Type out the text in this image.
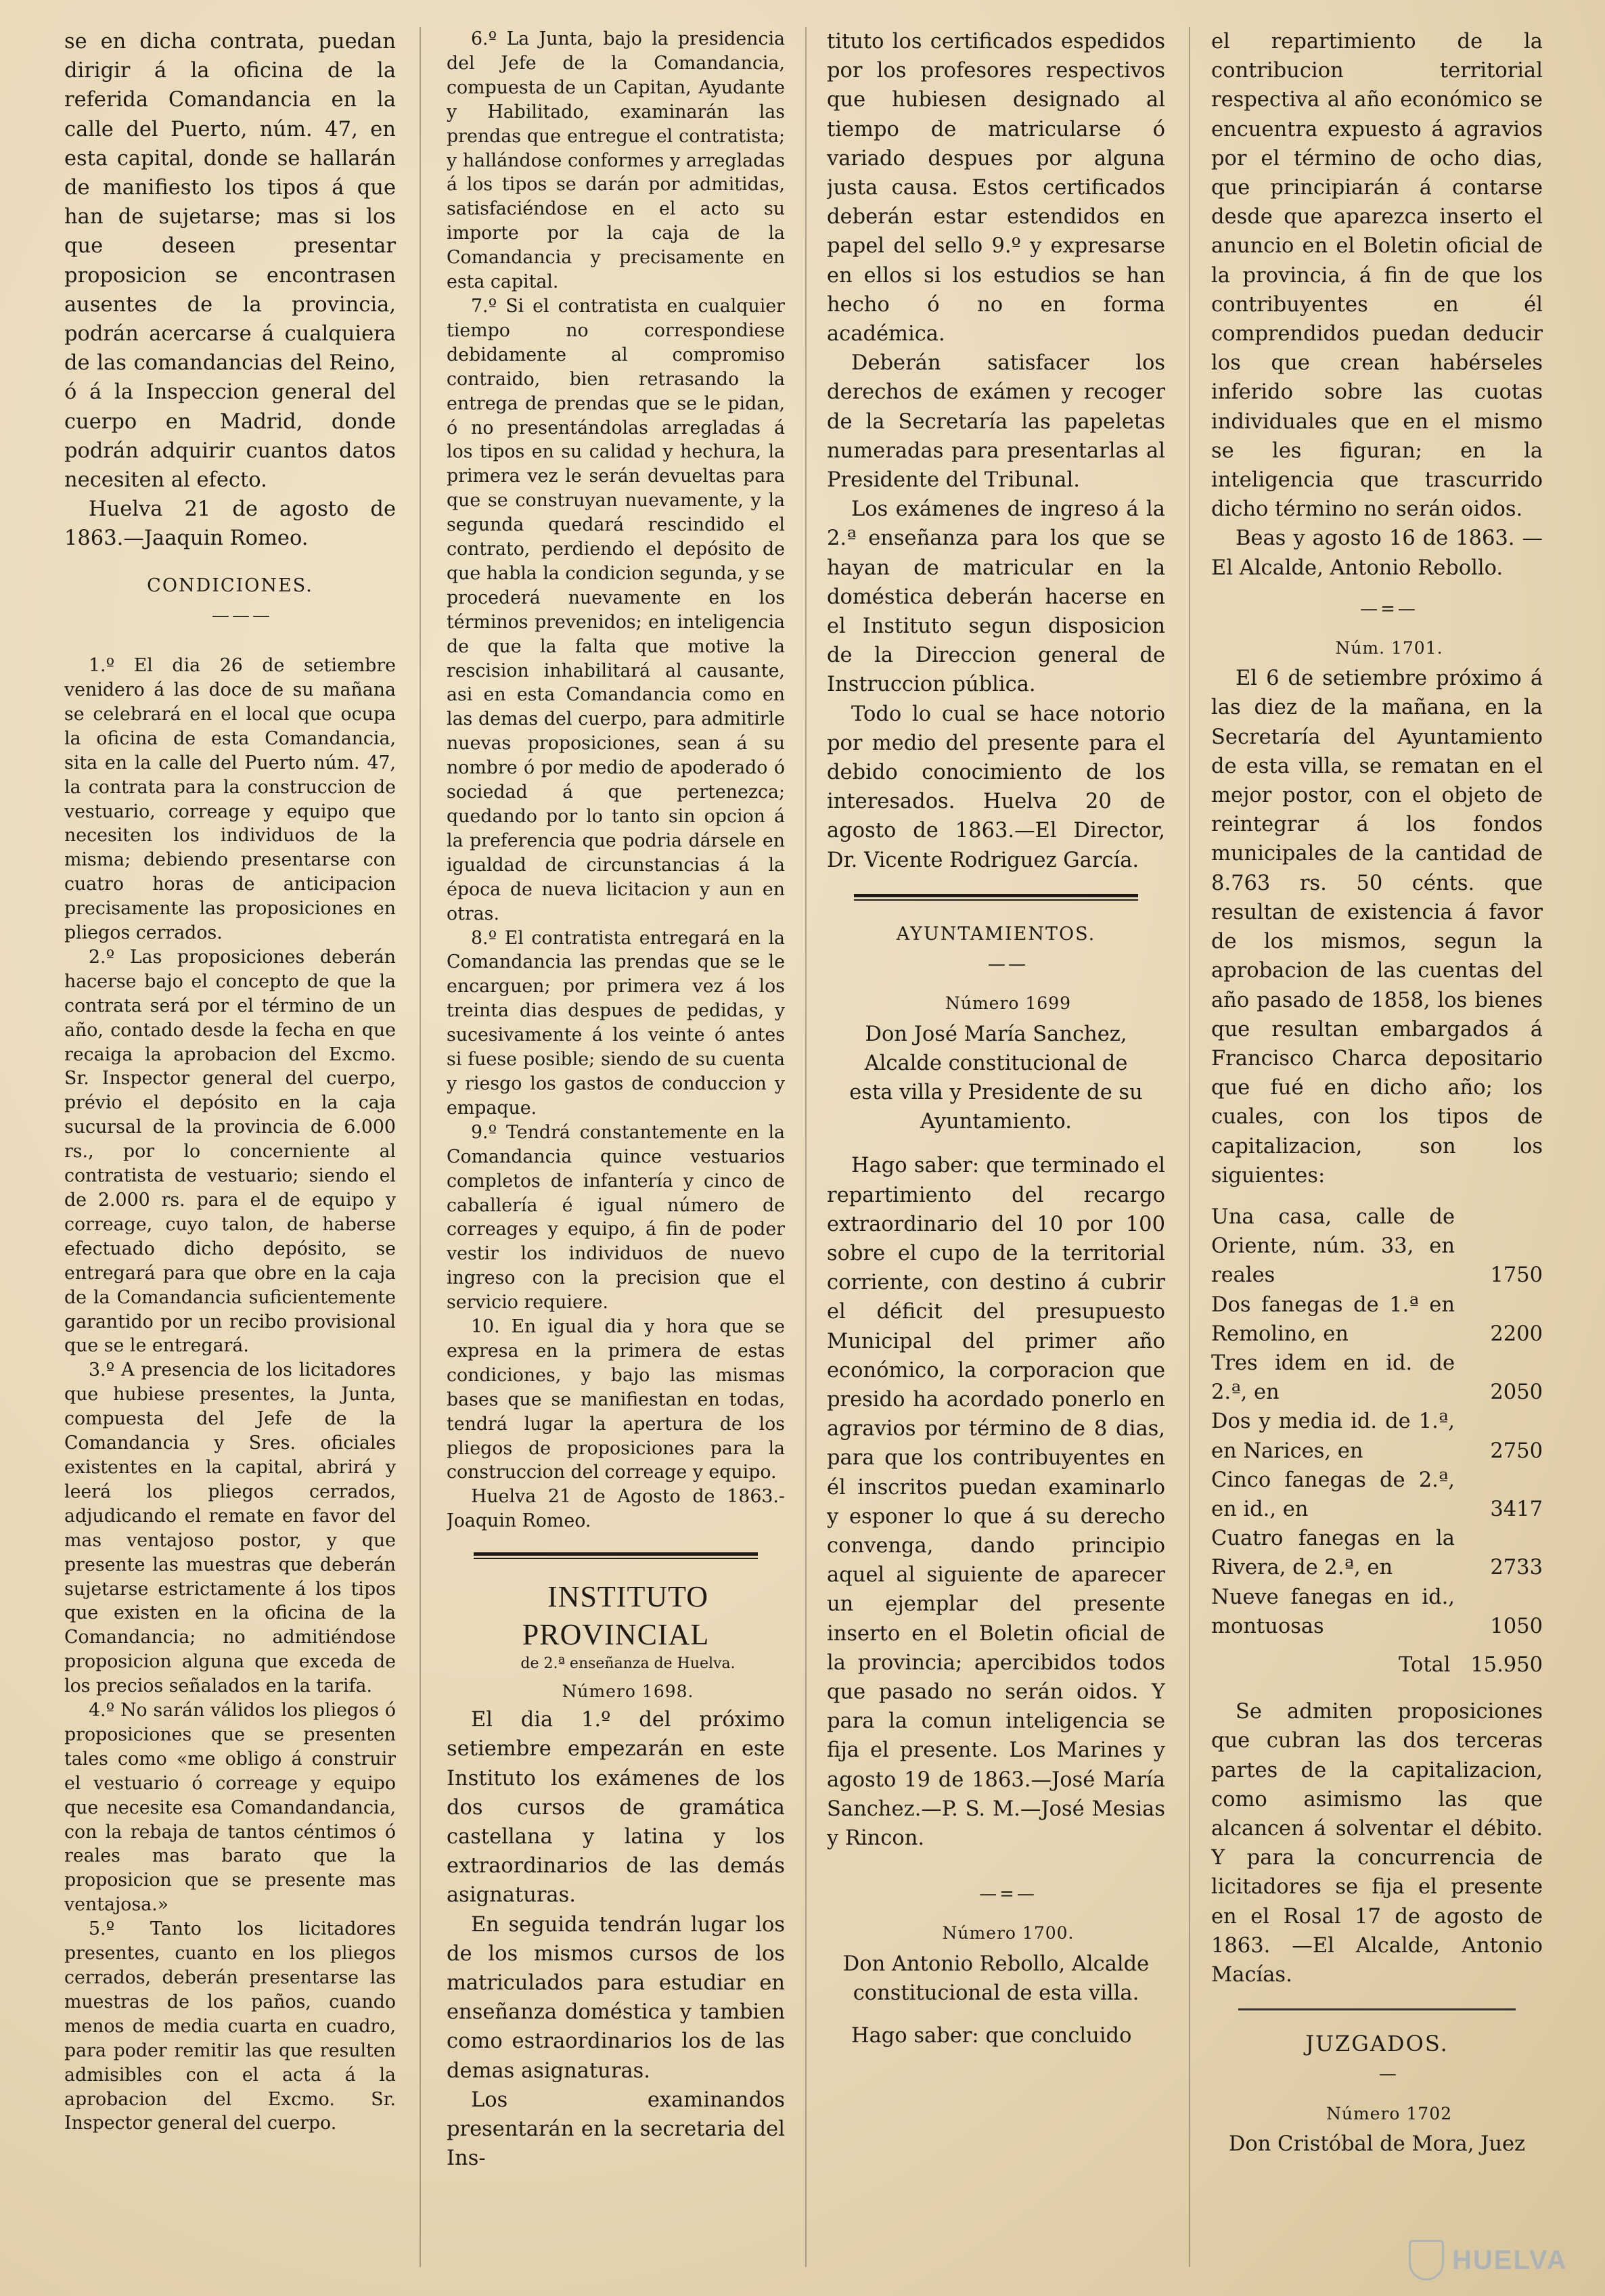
se en dicha contrata, puedan dirigir á la oficina de la referida Comandancia en la calle del Puerto, núm. 47, en esta capital, donde se hallarán de manifiesto los tipos á que han de sujetarse; mas si los que deseen presentar proposicion se encontrasen ausentes de la provincia, podrán acercarse á cualquiera de las comandancias del Reino, ó á la Inspeccion general del cuerpo en Madrid, donde podrán adquirir cuantos datos necesiten al efecto.

Huelva 21 de agosto de 1863.—Jaaquin Romeo.

CONDICIONES.

———

1.º El dia 26 de setiembre venidero á las doce de su mañana se celebrará en el local que ocupa la oficina de esta Comandancia, sita en la calle del Puerto núm. 47, la contrata para la construccion de vestuario, correage y equipo que necesiten los individuos de la misma; debiendo presentarse con cuatro horas de anticipacion precisamente las proposiciones en pliegos cerrados.

2.º Las proposiciones deberán hacerse bajo el concepto de que la contrata será por el término de un año, contado desde la fecha en que recaiga la aprobacion del Excmo. Sr. Inspector general del cuerpo, prévio el depósito en la caja sucursal de la provincia de 6.000 rs., por lo concerniente al contratista de vestuario; siendo el de 2.000 rs. para el de equipo y correage, cuyo talon, de haberse efectuado dicho depósito, se entregará para que obre en la caja de la Comandancia suficientemente garantido por un recibo provisional que se le entregará.

3.º A presencia de los licitadores que hubiese presentes, la Junta, compuesta del Jefe de la Comandancia y Sres. oficiales existentes en la capital, abrirá y leerá los pliegos cerrados, adjudicando el remate en favor del mas ventajoso postor, y que presente las muestras que deberán sujetarse estrictamente á los tipos que existen en la oficina de la Comandancia; no admitiéndose proposicion alguna que exceda de los precios señalados en la tarifa.

4.º No sarán válidos los pliegos ó proposiciones que se presenten tales como «me obligo á construir el vestuario ó correage y equipo que necesite esa Comandandancia, con la rebaja de tantos céntimos ó reales mas barato que la proposicion que se presente mas ventajosa.»

5.º Tanto los licitadores presentes, cuanto en los pliegos cerrados, deberán presentarse las muestras de los paños, cuando menos de media cuarta en cuadro, para poder remitir las que resulten admisibles con el acta á la aprobacion del Excmo. Sr. Inspector general del cuerpo.

6.º La Junta, bajo la presidencia del Jefe de la Comandancia, compuesta de un Capitan, Ayudante y Habilitado, examinarán las prendas que entregue el contratista; y hallándose conformes y arregladas á los tipos se darán por admitidas, satisfaciéndose en el acto su importe por la caja de la Comandancia y precisamente en esta capital.

7.º Si el contratista en cualquier tiempo no correspondiese debidamente al compromiso contraido, bien retrasando la entrega de prendas que se le pidan, ó no presentándolas arregladas á los tipos en su calidad y hechura, la primera vez le serán devueltas para que se construyan nuevamente, y la segunda quedará rescindido el contrato, perdiendo el depósito de que habla la condicion segunda, y se procederá nuevamente en los términos prevenidos; en inteligencia de que la falta que motive la rescision inhabilitará al causante, asi en esta Comandancia como en las demas del cuerpo, para admitirle nuevas proposiciones, sean á su nombre ó por medio de apoderado ó sociedad á que pertenezca; quedando por lo tanto sin opcion á la preferencia que podria dársele en igualdad de circunstancias á la época de nueva licitacion y aun en otras.

8.º El contratista entregará en la Comandancia las prendas que se le encarguen; por primera vez á los treinta dias despues de pedidas, y sucesivamente á los veinte ó antes si fuese posible; siendo de su cuenta y riesgo los gastos de conduccion y empaque.

9.º Tendrá constantemente en la Comandancia quince vestuarios completos de infantería y cinco de caballería é igual número de correages y equipo, á fin de poder vestir los individuos de nuevo ingreso con la precision que el servicio requiere.

10. En igual dia y hora que se expresa en la primera de estas condiciones, y bajo las mismas bases que se manifiestan en todas, tendrá lugar la apertura de los pliegos de proposiciones para la construccion del correage y equipo.

Huelva 21 de Agosto de 1863.-Joaquin Romeo.

INSTITUTO PROVINCIAL

de 2.ª enseñanza de Huelva.

Número 1698.

El dia 1.º del próximo setiembre empezarán en este Instituto los exámenes de los dos cursos de gramática castellana y latina y los extraordinarios de las demás asignaturas.

En seguida tendrán lugar los de los mismos cursos de los matriculados para estudiar en enseñanza doméstica y tambien como estraordinarios los de las demas asignaturas.

Los examinandos presentarán en la secretaria del Ins-

tituto los certificados espedidos por los profesores respectivos que hubiesen designado al tiempo de matricularse ó variado despues por alguna justa causa. Estos certificados deberán estar estendidos en papel del sello 9.º y expresarse en ellos si los estudios se han hecho ó no en forma académica.

Deberán satisfacer los derechos de exámen y recoger de la Secretaría las papeletas numeradas para presentarlas al Presidente del Tribunal.

Los exámenes de ingreso á la 2.ª enseñanza para los que se hayan de matricular en la doméstica deberán hacerse en el Instituto segun disposicion de la Direccion general de Instruccion pública.

Todo lo cual se hace notorio por medio del presente para el debido conocimiento de los interesados. Huelva 20 de agosto de 1863.—El Director, Dr. Vicente Rodriguez García.

AYUNTAMIENTOS.

——

Número 1699

Don José María Sanchez, Alcalde constitucional de esta villa y Presidente de su Ayuntamiento.

Hago saber: que terminado el repartimiento del recargo extraordinario del 10 por 100 sobre el cupo de la territorial corriente, con destino á cubrir el déficit del presupuesto Municipal del primer año económico, la corporacion que presido ha acordado ponerlo en agravios por término de 8 dias, para que los contribuyentes en él inscritos puedan examinarlo y esponer lo que á su derecho convenga, dando principio aquel al siguiente de aparecer un ejemplar del presente inserto en el Boletin oficial de la provincia; apercibidos todos que pasado no serán oidos. Y para la comun inteligencia se fija el presente. Los Marines y agosto 19 de 1863.—José María Sanchez.—P. S. M.—José Mesias y Rincon.

—=—

Número 1700.

Don Antonio Rebollo, Alcalde constitucional de esta villa.

Hago saber: que concluido

el repartimiento de la contribucion territorial respectiva al año económico se encuentra expuesto á agravios por el término de ocho dias, que principiarán á contarse desde que aparezca inserto el anuncio en el Boletin oficial de la provincia, á fin de que los contribuyentes en él comprendidos puedan deducir los que crean habérseles inferido sobre las cuotas individuales que en el mismo se les figuran; en la inteligencia que trascurrido dicho término no serán oidos.

Beas y agosto 16 de 1863. —El Alcalde, Antonio Rebollo.

—=—

Núm. 1701.

El 6 de setiembre próximo á las diez de la mañana, en la Secretaría del Ayuntamiento de esta villa, se rematan en el mejor postor, con el objeto de reintegrar á los fondos municipales de la cantidad de 8.763 rs. 50 cénts. que resultan de existencia á favor de los mismos, segun la aprobacion de las cuentas del año pasado de 1858, los bienes que resultan embargados á Francisco Charca depositario que fué en dicho año; los cuales, con los tipos de capitalizacion, son los siguientes:

Una casa, calle de Oriente, núm. 33, en reales	1750
Dos fanegas de 1.ª en Remolino, en	2200
Tres idem en id. de 2.ª, en	2050
Dos y media id. de 1.ª, en Narices, en	2750
Cinco fanegas de 2.ª, en id., en	3417
Cuatro fanegas en la Rivera, de 2.ª, en	2733
Nueve fanegas en id., montuosas	1050
Total 15.950

Se admiten proposiciones que cubran las dos terceras partes de la capitalizacion, como asimismo las que alcancen á solventar el débito. Y para la concurrencia de licitadores se fija el presente en el Rosal 17 de agosto de 1863. —El Alcalde, Antonio Macías.

JUZGADOS.

—

Número 1702

Don Cristóbal de Mora, Juez

HUELVA
